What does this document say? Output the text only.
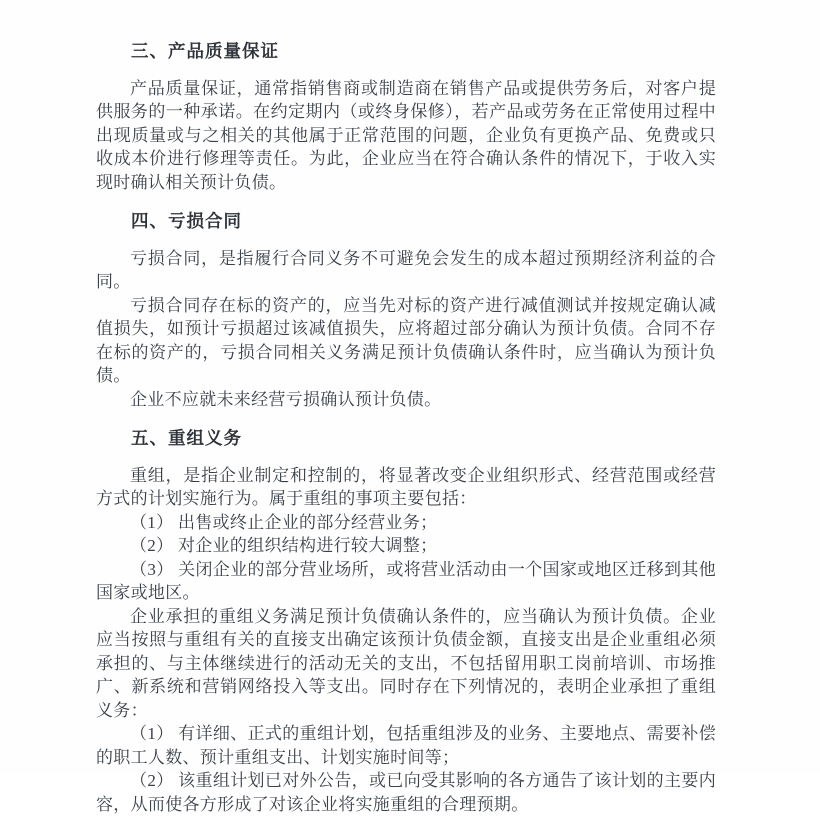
三、产品质量保证

产品质量保证，通常指销售商或制造商在销售产品或提供劳务后，对客户提供服务的一种承诺。在约定期内（或终身保修），若产品或劳务在正常使用过程中出现质量或与之相关的其他属于正常范围的问题，企业负有更换产品、免费或只收成本价进行修理等责任。为此，企业应当在符合确认条件的情况下，于收入实现时确认相关预计负债。

四、亏损合同

亏损合同，是指履行合同义务不可避免会发生的成本超过预期经济利益的合同。

亏损合同存在标的资产的，应当先对标的资产进行减值测试并按规定确认减值损失，如预计亏损超过该减值损失，应将超过部分确认为预计负债。合同不存在标的资产的，亏损合同相关义务满足预计负债确认条件时，应当确认为预计负债。

企业不应就未来经营亏损确认预计负债。

五、重组义务

重组，是指企业制定和控制的，将显著改变企业组织形式、经营范围或经营方式的计划实施行为。属于重组的事项主要包括：

（1） 出售或终止企业的部分经营业务；

（2） 对企业的组织结构进行较大调整；

（3） 关闭企业的部分营业场所，或将营业活动由一个国家或地区迁移到其他国家或地区。

企业承担的重组义务满足预计负债确认条件的，应当确认为预计负债。企业应当按照与重组有关的直接支出确定该预计负债金额，直接支出是企业重组必须承担的、与主体继续进行的活动无关的支出，不包括留用职工岗前培训、市场推广、新系统和营销网络投入等支出。同时存在下列情况的，表明企业承担了重组义务：

（1） 有详细、正式的重组计划，包括重组涉及的业务、主要地点、需要补偿的职工人数、预计重组支出、计划实施时间等；

（2） 该重组计划已对外公告，或已向受其影响的各方通告了该计划的主要内容，从而使各方形成了对该企业将实施重组的合理预期。
